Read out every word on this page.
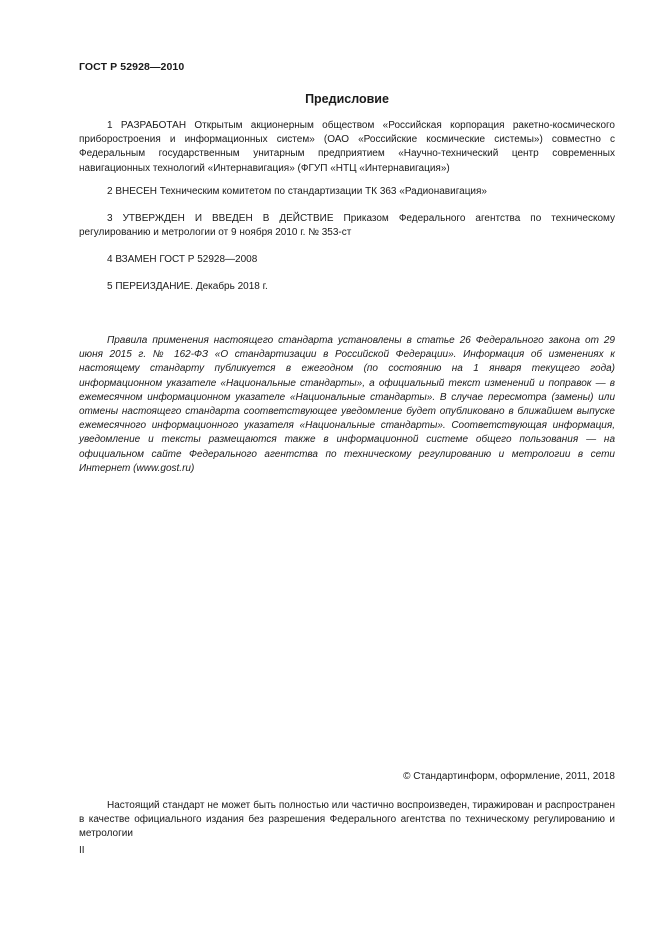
ГОСТ Р 52928—2010
Предисловие
1 РАЗРАБОТАН Открытым акционерным обществом «Российская корпорация ракетно-космического приборостроения и информационных систем» (ОАО «Российские космические системы») совместно с Федеральным государственным унитарным предприятием «Научно-технический центр современных навигационных технологий «Интернавигация» (ФГУП «НТЦ «Интернавигация»)
2 ВНЕСЕН Техническим комитетом по стандартизации ТК 363 «Радионавигация»
3 УТВЕРЖДЕН И ВВЕДЕН В ДЕЙСТВИЕ Приказом Федерального агентства по техническому регулированию и метрологии от 9 ноября 2010 г. № 353-ст
4 ВЗАМЕН ГОСТ Р 52928—2008
5 ПЕРЕИЗДАНИЕ. Декабрь 2018 г.
Правила применения настоящего стандарта установлены в статье 26 Федерального закона от 29 июня 2015 г. № 162-ФЗ «О стандартизации в Российской Федерации». Информация об изменениях к настоящему стандарту публикуется в ежегодном (по состоянию на 1 января текущего года) информационном указателе «Национальные стандарты», а официальный текст изменений и поправок — в ежемесячном информационном указателе «Национальные стандарты». В случае пересмотра (замены) или отмены настоящего стандарта соответствующее уведомление будет опубликовано в ближайшем выпуске ежемесячного информационного указателя «Национальные стандарты». Соответствующая информация, уведомление и тексты размещаются также в информационной системе общего пользования — на официальном сайте Федерального агентства по техническому регулированию и метрологии в сети Интернет (www.gost.ru)
© Стандартинформ, оформление, 2011, 2018
Настоящий стандарт не может быть полностью или частично воспроизведен, тиражирован и распространен в качестве официального издания без разрешения Федерального агентства по техническому регулированию и метрологии
II
